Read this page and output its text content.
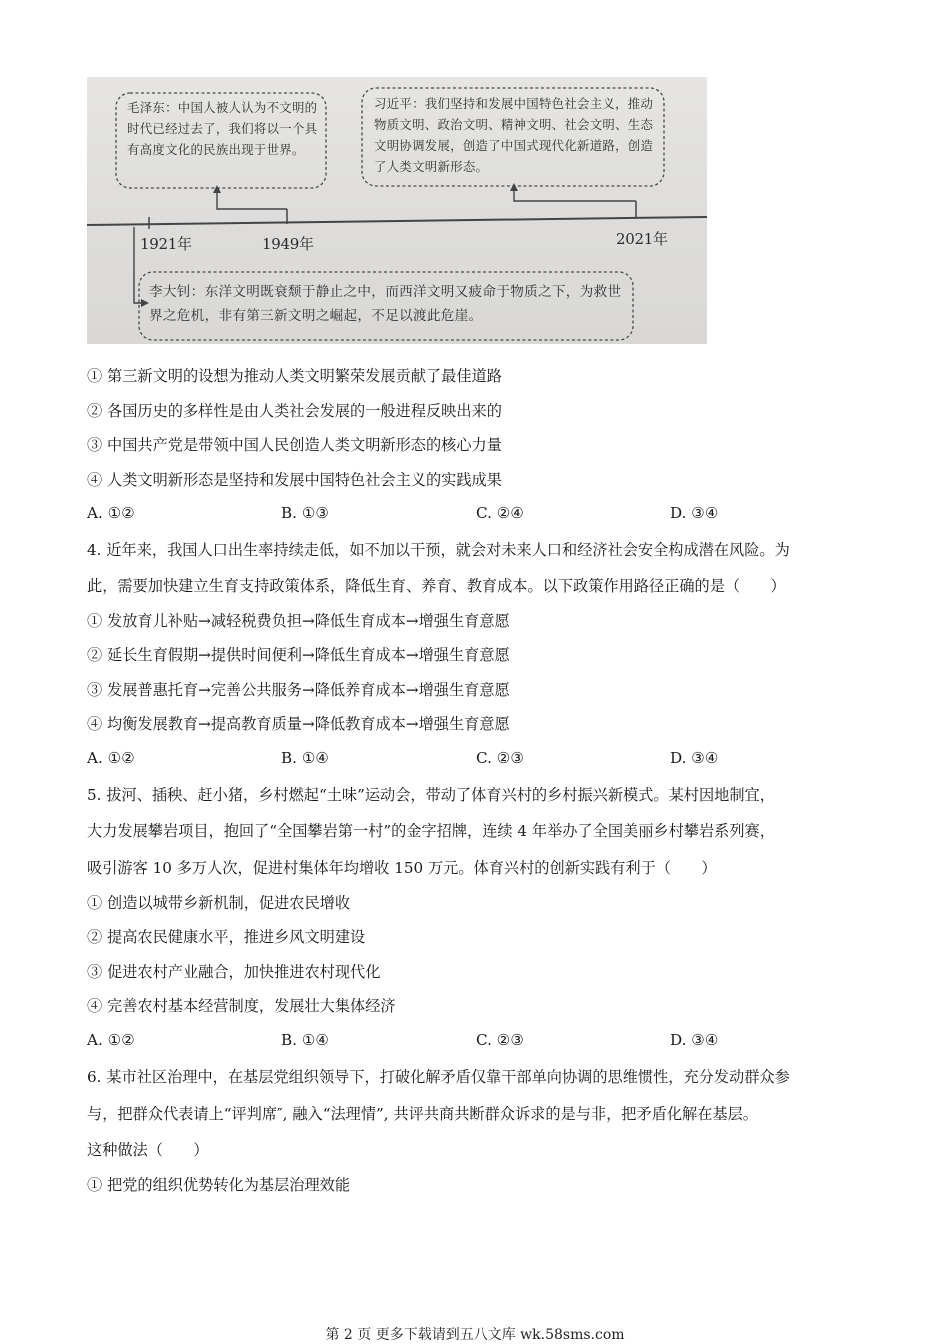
毛泽东：中国人被人认为不文明的时代已经过去了，我们将以一个具有高度文化的民族出现于世界。
习近平：我们坚持和发展中国特色社会主义，推动物质文明、政治文明、精神文明、社会文明、生态文明协调发展，创造了中国式现代化新道路，创造了人类文明新形态。
李大钊：东洋文明既衰颓于静止之中，而西洋文明又疲命于物质之下，为救世界之危机，非有第三新文明之崛起，不足以渡此危崖。
1921年	1949年	2021年
① 第三新文明的设想为推动人类文明繁荣发展贡献了最佳道路
② 各国历史的多样性是由人类社会发展的一般进程反映出来的
③ 中国共产党是带领中国人民创造人类文明新形态的核心力量
④ 人类文明新形态是坚持和发展中国特色社会主义的实践成果
A. ①②	B. ①③	C. ②④	D. ③④
4. 近年来，我国人口出生率持续走低，如不加以干预，就会对未来人口和经济社会安全构成潜在风险。为
此，需要加快建立生育支持政策体系，降低生育、养育、教育成本。以下政策作用路径正确的是（　　）
① 发放育儿补贴→减轻税费负担→降低生育成本→增强生育意愿
② 延长生育假期→提供时间便利→降低生育成本→增强生育意愿
③ 发展普惠托育→完善公共服务→降低养育成本→增强生育意愿
④ 均衡发展教育→提高教育质量→降低教育成本→增强生育意愿
A. ①②	B. ①④	C. ②③	D. ③④
5. 拔河、插秧、赶小猪，乡村燃起“土味”运动会，带动了体育兴村的乡村振兴新模式。某村因地制宜，
大力发展攀岩项目，抱回了“全国攀岩第一村”的金字招牌，连续 4 年举办了全国美丽乡村攀岩系列赛，
吸引游客 10 多万人次，促进村集体年均增收 150 万元。体育兴村的创新实践有利于（　　）
① 创造以城带乡新机制，促进农民增收
② 提高农民健康水平，推进乡风文明建设
③ 促进农村产业融合，加快推进农村现代化
④ 完善农村基本经营制度，发展壮大集体经济
A. ①②	B. ①④	C. ②③	D. ③④
6. 某市社区治理中，在基层党组织领导下，打破化解矛盾仅靠干部单向协调的思维惯性，充分发动群众参
与，把群众代表请上“评判席″, 融入“法理情”, 共评共商共断群众诉求的是与非，把矛盾化解在基层。
这种做法（　　）
① 把党的组织优势转化为基层治理效能
第 2 页 更多下载请到五八文库 wk.58sms.com
